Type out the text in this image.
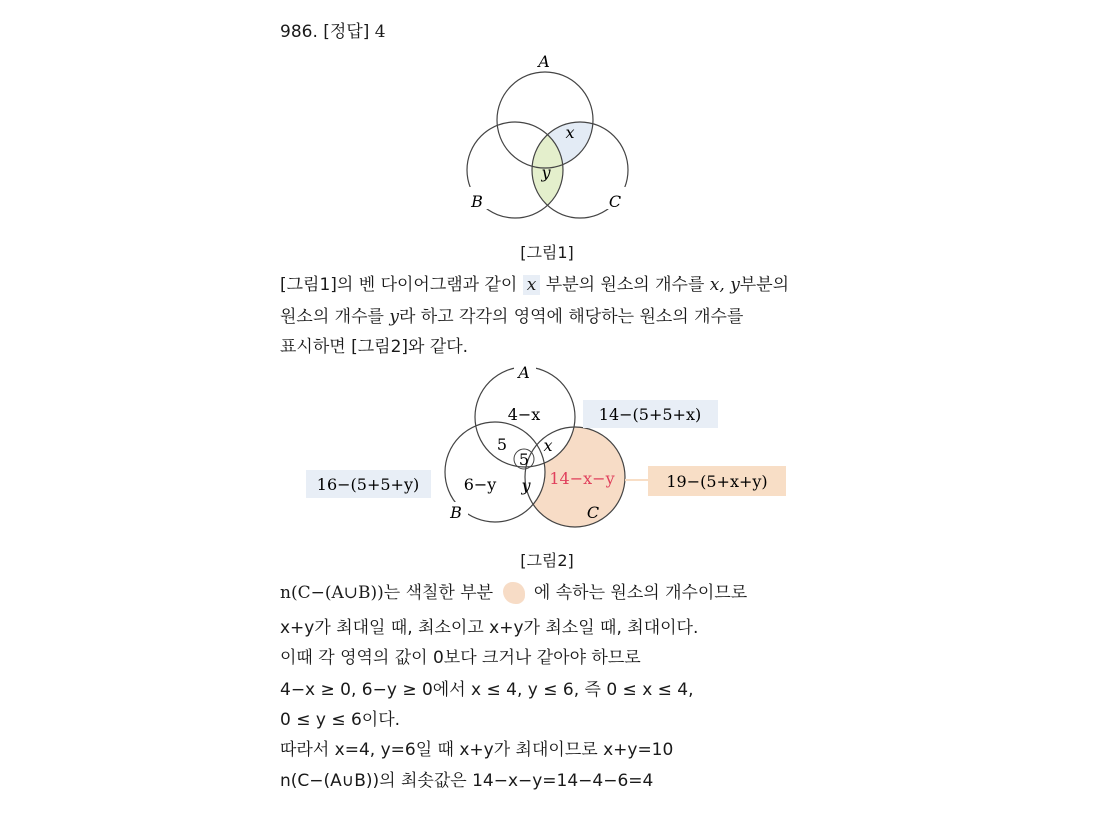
986. [정답] 4
A
B	C
x
y
[그림1]
[그림1]의 벤 다이어그램과 같이 x 부분의 원소의 개수를 x, y부분의
원소의 개수를 y라 하고 각각의 영역에 해당하는 원소의 개수를
표시하면 [그림2]와 같다.
A
B	C
4−x
5 x
5
6−y y 14−x−y
14−(5+5+x)
16−(5+5+y)	19−(5+x+y)
[그림2]
n(C−(A∪B))는 색칠한 부분 에 속하는 원소의 개수이므로
x+y가 최대일 때, 최소이고 x+y가 최소일 때, 최대이다.
이때 각 영역의 값이 0보다 크거나 같아야 하므로
4−x ≥ 0, 6−y ≥ 0에서 x ≤ 4, y ≤ 6, 즉 0 ≤ x ≤ 4,
0 ≤ y ≤ 6이다.
따라서 x=4, y=6일 때 x+y가 최대이므로 x+y=10
n(C−(A∪B))의 최솟값은 14−x−y=14−4−6=4
